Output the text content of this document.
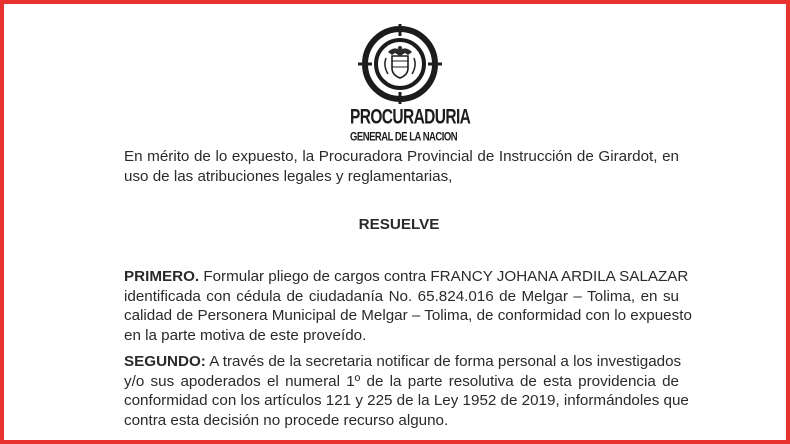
PROCURADURIA
GENERAL DE LA NACION
En mérito de lo expuesto, la Procuradora Provincial de Instrucción de Girardot, en
uso de las atribuciones legales y reglamentarias,
RESUELVE
PRIMERO. Formular pliego de cargos contra FRANCY JOHANA ARDILA SALAZAR
identificada con cédula de ciudadanía No. 65.824.016 de Melgar – Tolima, en su
calidad de Personera Municipal de Melgar – Tolima, de conformidad con lo expuesto
en la parte motiva de este proveído.
SEGUNDO: A través de la secretaria notificar de forma personal a los investigados
y/o sus apoderados el numeral 1º de la parte resolutiva de esta providencia de
conformidad con los artículos 121 y 225 de la Ley 1952 de 2019, informándoles que
contra esta decisión no procede recurso alguno.
